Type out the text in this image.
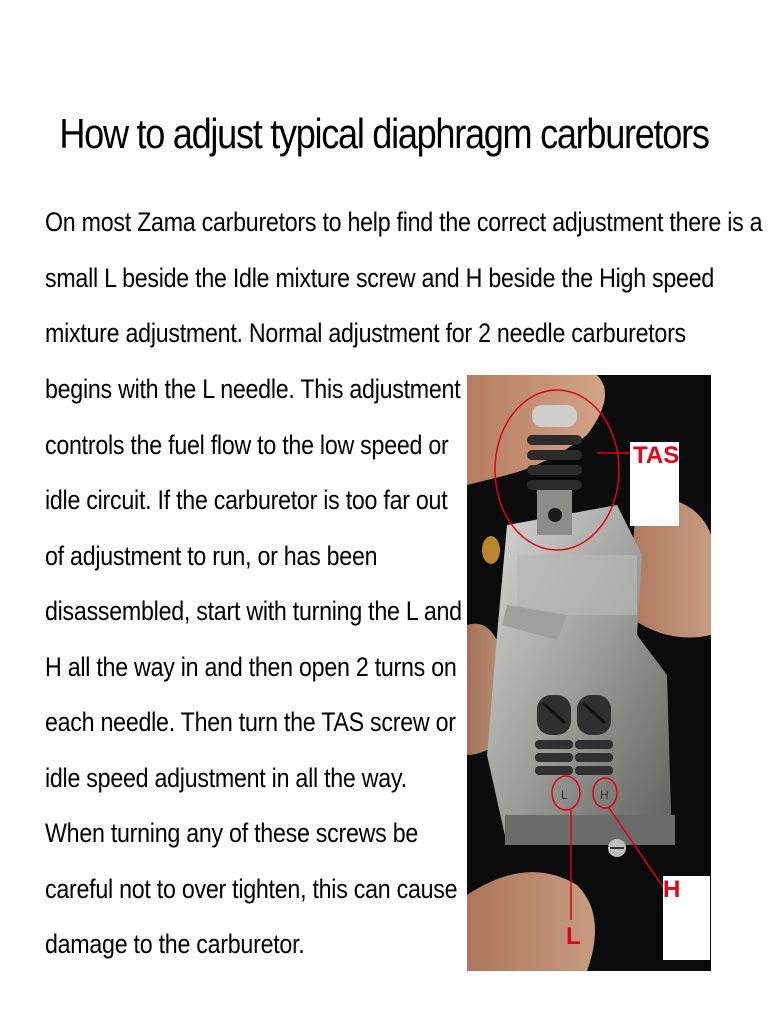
How to adjust typical diaphragm carburetors
On most Zama carburetors to help find the correct adjustment there is a
small L beside the Idle mixture screw and H beside the High speed
mixture adjustment. Normal adjustment for 2 needle carburetors
begins with the L needle. This adjustment
controls the fuel flow to the low speed or
idle circuit. If the carburetor is too far out
of adjustment to run, or has been
disassembled, start with turning the L and
H all the way in and then open 2 turns on
each needle. Then turn the TAS screw or
idle speed adjustment in all the way.
When turning any of these screws be
careful not to over tighten, this can cause
damage to the carburetor.
L	H
TAS
H
L
